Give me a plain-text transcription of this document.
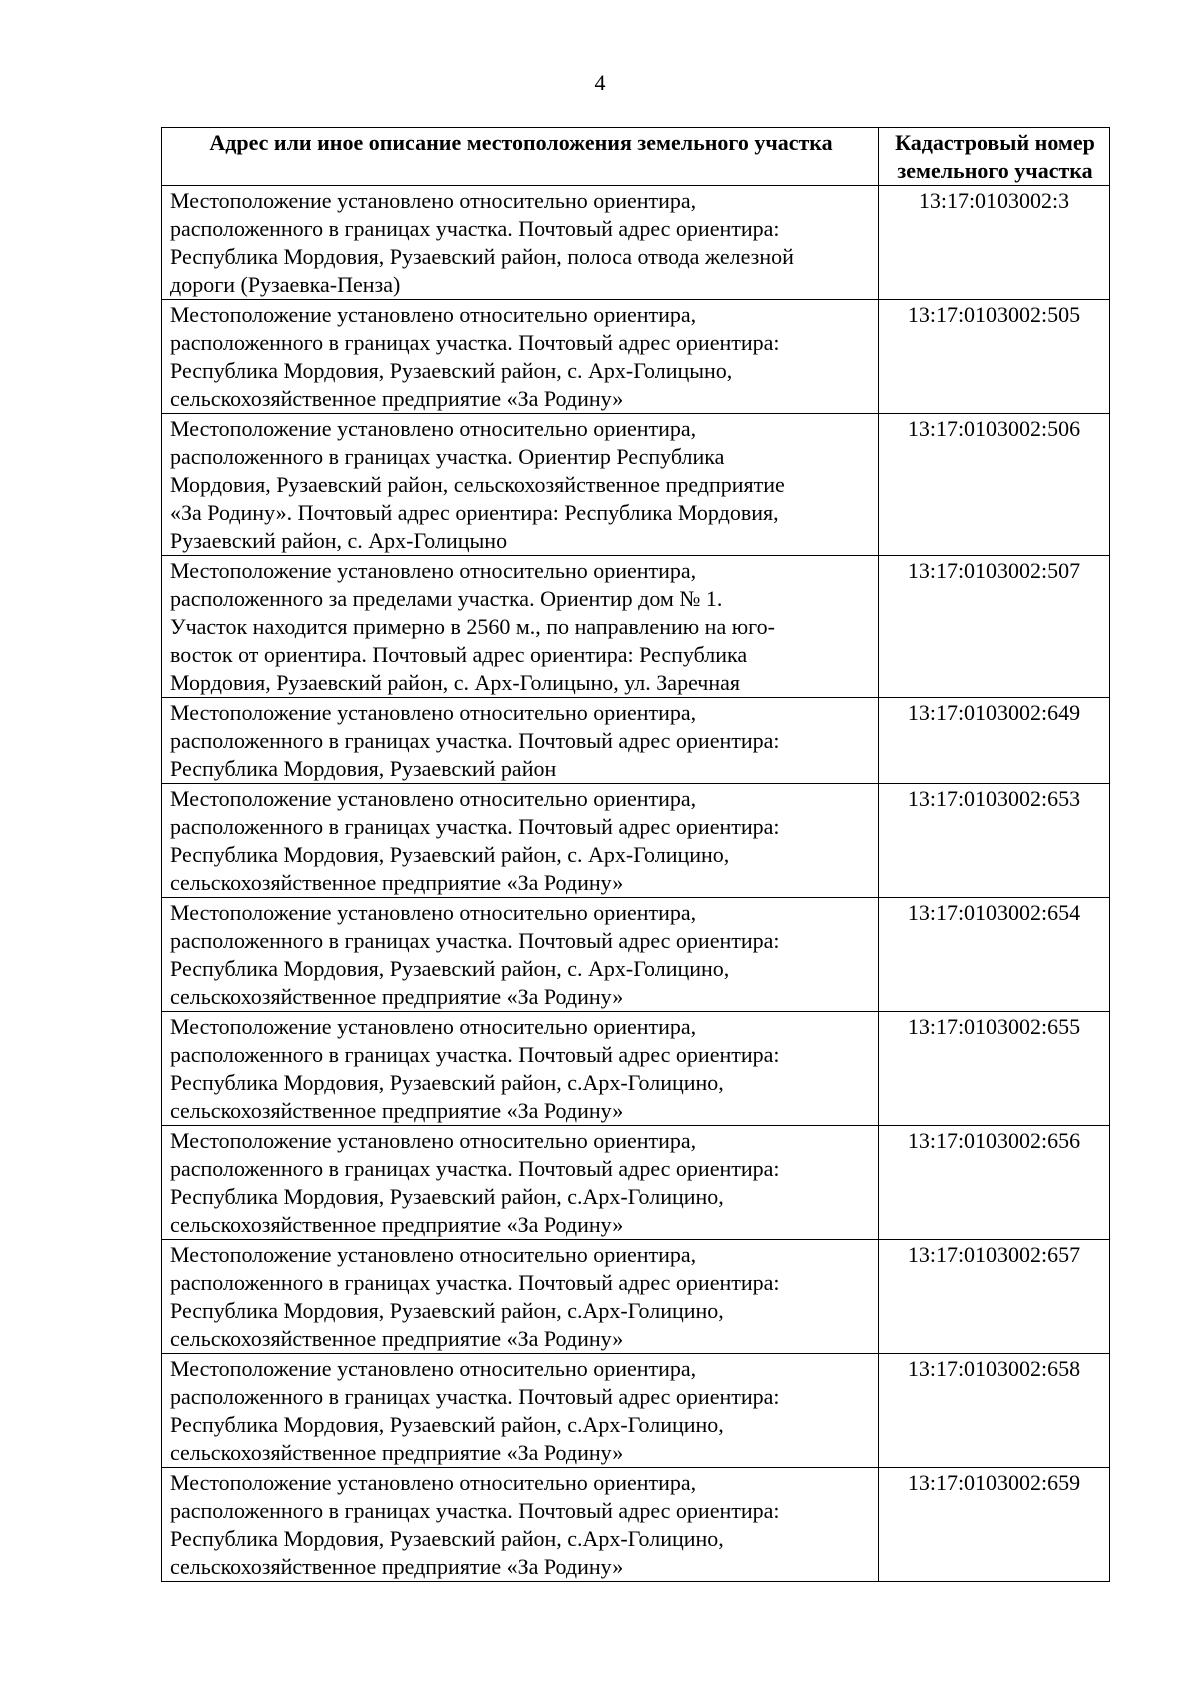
4
Адрес или иное описание местоположения земельного участка	Кадастровый номер земельного участка

Местоположение установлено относительно ориентира,
расположенного в границах участка. Почтовый адрес ориентира:
Республика Мордовия, Рузаевский район, полоса отвода железной
дороги (Рузаевка-Пенза)	13:17:0103002:3

Местоположение установлено относительно ориентира,
расположенного в границах участка. Почтовый адрес ориентира:
Республика Мордовия, Рузаевский район, с. Арх-Голицыно,
сельскохозяйственное предприятие «За Родину»	13:17:0103002:505

Местоположение установлено относительно ориентира,
расположенного в границах участка. Ориентир Республика
Мордовия, Рузаевский район, сельскохозяйственное предприятие
«За Родину». Почтовый адрес ориентира: Республика Мордовия,
Рузаевский район, с. Арх-Голицыно	13:17:0103002:506

Местоположение установлено относительно ориентира,
расположенного за пределами участка. Ориентир дом № 1.
Участок находится примерно в 2560 м., по направлению на юго-
восток от ориентира. Почтовый адрес ориентира: Республика
Мордовия, Рузаевский район, с. Арх-Голицыно, ул. Заречная	13:17:0103002:507

Местоположение установлено относительно ориентира,
расположенного в границах участка. Почтовый адрес ориентира:
Республика Мордовия, Рузаевский район	13:17:0103002:649

Местоположение установлено относительно ориентира,
расположенного в границах участка. Почтовый адрес ориентира:
Республика Мордовия, Рузаевский район, с. Арх-Голицино,
сельскохозяйственное предприятие «За Родину»	13:17:0103002:653

Местоположение установлено относительно ориентира,
расположенного в границах участка. Почтовый адрес ориентира:
Республика Мордовия, Рузаевский район, с. Арх-Голицино,
сельскохозяйственное предприятие «За Родину»	13:17:0103002:654

Местоположение установлено относительно ориентира,
расположенного в границах участка. Почтовый адрес ориентира:
Республика Мордовия, Рузаевский район, с.Арх-Голицино,
сельскохозяйственное предприятие «За Родину»	13:17:0103002:655

Местоположение установлено относительно ориентира,
расположенного в границах участка. Почтовый адрес ориентира:
Республика Мордовия, Рузаевский район, с.Арх-Голицино,
сельскохозяйственное предприятие «За Родину»	13:17:0103002:656

Местоположение установлено относительно ориентира,
расположенного в границах участка. Почтовый адрес ориентира:
Республика Мордовия, Рузаевский район, с.Арх-Голицино,
сельскохозяйственное предприятие «За Родину»	13:17:0103002:657

Местоположение установлено относительно ориентира,
расположенного в границах участка. Почтовый адрес ориентира:
Республика Мордовия, Рузаевский район, с.Арх-Голицино,
сельскохозяйственное предприятие «За Родину»	13:17:0103002:658

Местоположение установлено относительно ориентира,
расположенного в границах участка. Почтовый адрес ориентира:
Республика Мордовия, Рузаевский район, с.Арх-Голицино,
сельскохозяйственное предприятие «За Родину»	13:17:0103002:659
